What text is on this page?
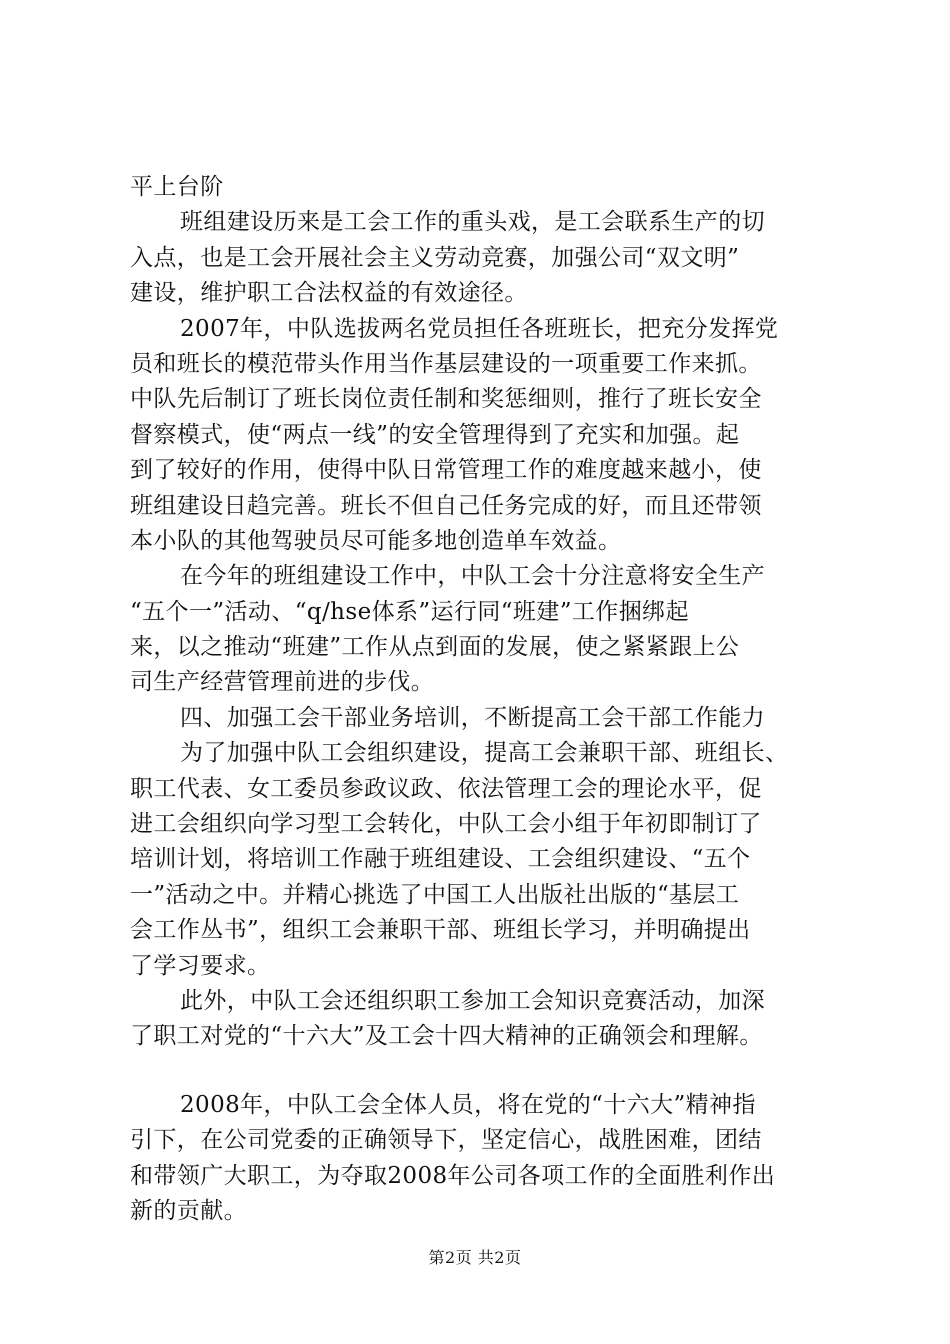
平上台阶
班组建设历来是工会工作的重头戏，是工会联系生产的切
入点，也是工会开展社会主义劳动竞赛，加强公司“双文明”
建设，维护职工合法权益的有效途径。
2007年，中队选拔两名党员担任各班班长，把充分发挥党
员和班长的模范带头作用当作基层建设的一项重要工作来抓。
中队先后制订了班长岗位责任制和奖惩细则，推行了班长安全
督察模式，使“两点一线”的安全管理得到了充实和加强。起
到了较好的作用，使得中队日常管理工作的难度越来越小，使
班组建设日趋完善。班长不但自己任务完成的好，而且还带领
本小队的其他驾驶员尽可能多地创造单车效益。
在今年的班组建设工作中，中队工会十分注意将安全生产
“五个一”活动、“q/hse体系”运行同“班建”工作捆绑起
来，以之推动“班建”工作从点到面的发展，使之紧紧跟上公
司生产经营管理前进的步伐。
四、加强工会干部业务培训，不断提高工会干部工作能力
为了加强中队工会组织建设，提高工会兼职干部、班组长、
职工代表、女工委员参政议政、依法管理工会的理论水平，促
进工会组织向学习型工会转化，中队工会小组于年初即制订了
培训计划，将培训工作融于班组建设、工会组织建设、“五个
一”活动之中。并精心挑选了中国工人出版社出版的“基层工
会工作丛书”，组织工会兼职干部、班组长学习，并明确提出
了学习要求。
此外，中队工会还组织职工参加工会知识竞赛活动，加深
了职工对党的“十六大”及工会十四大精神的正确领会和理解。
2008年，中队工会全体人员，将在党的“十六大”精神指
引下，在公司党委的正确领导下，坚定信心，战胜困难，团结
和带领广大职工，为夺取2008年公司各项工作的全面胜利作出
新的贡献。
第2页 共2页
